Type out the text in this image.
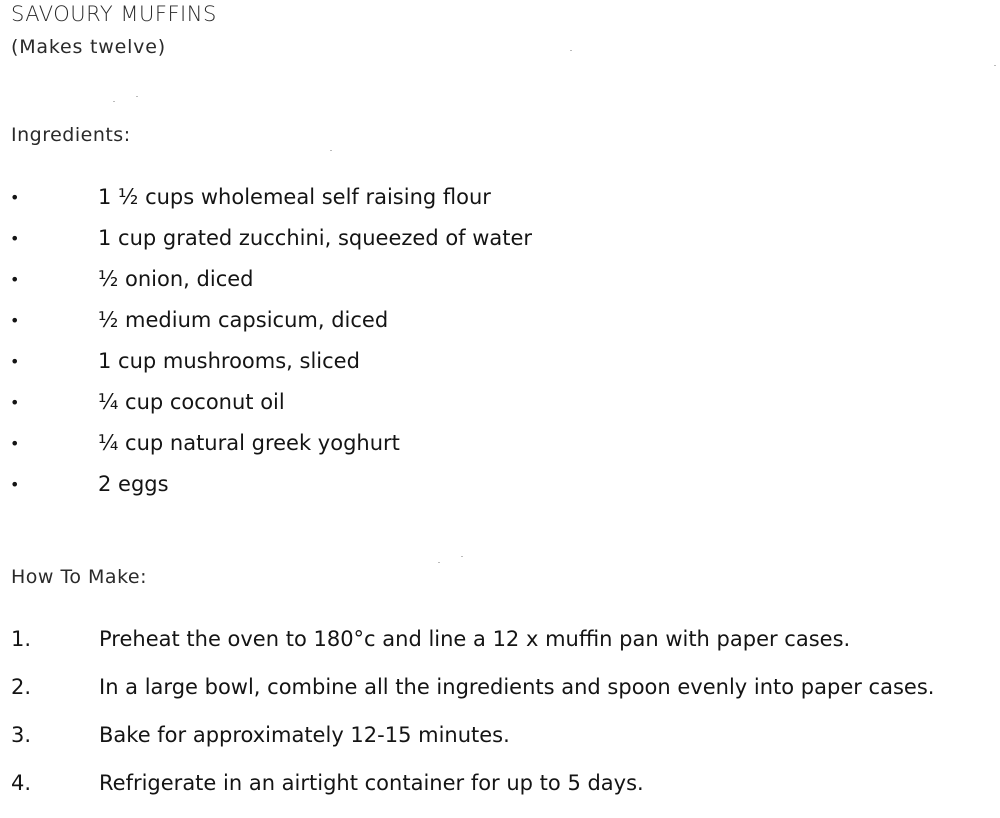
SAVOURY MUFFINS
(Makes twelve)
Ingredients:
•	1 ½ cups wholemeal self raising flour
•	1 cup grated zucchini, squeezed of water
•	½ onion, diced
•	½ medium capsicum, diced
•	1 cup mushrooms, sliced
•	¼ cup coconut oil
•	¼ cup natural greek yoghurt
•	2 eggs
How To Make:
1.	Preheat the oven to 180°c and line a 12 x muffin pan with paper cases.
2.	In a large bowl, combine all the ingredients and spoon evenly into paper cases.
3.	Bake for approximately 12-15 minutes.
4.	Refrigerate in an airtight container for up to 5 days.
